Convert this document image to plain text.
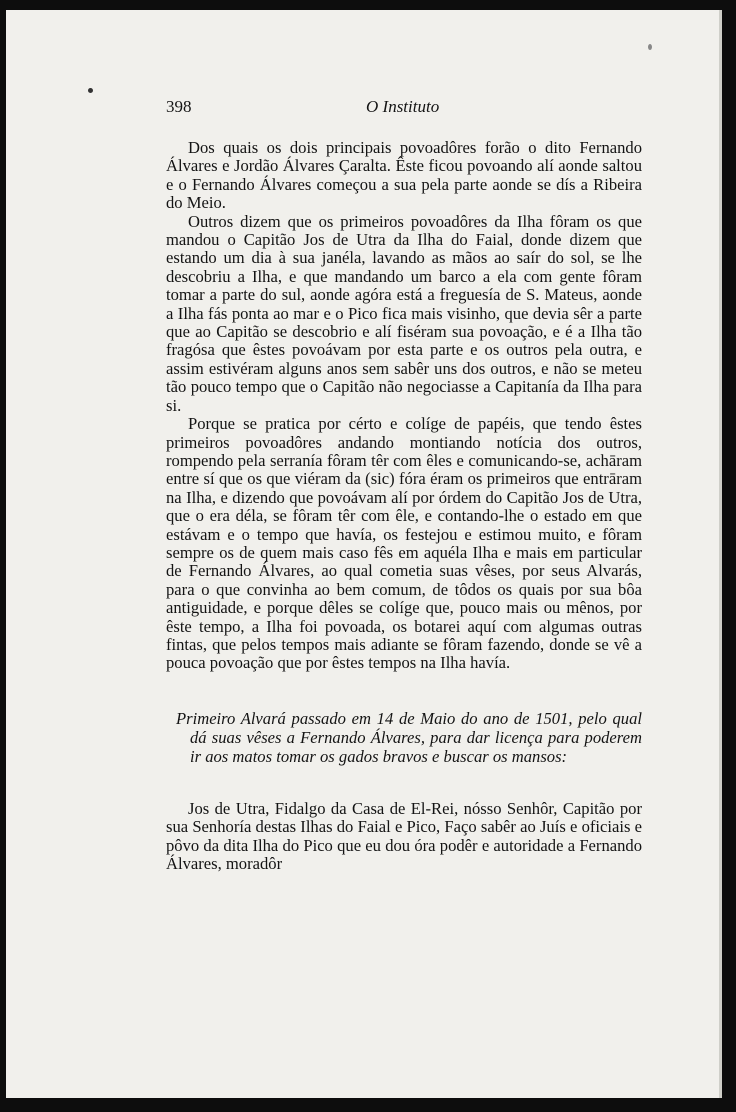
398	O Instituto

Dos quais os dois principais povoadôres forão o dito Fernando Álvares e Jordão Álvares Çaralta. Êste ficou povoando alí aonde saltou e o Fernando Álvares começou a sua pela parte aonde se dís a Ribeira do Meio.

Outros dizem que os primeiros povoadôres da Ilha fôram os que mandou o Capitão Jos de Utra da Ilha do Faial, donde dizem que estando um dia à sua janéla, lavando as mãos ao saír do sol, se lhe descobriu a Ilha, e que mandando um barco a ela com gente fôram tomar a parte do sul, aonde agóra está a freguesía de S. Mateus, aonde a Ilha fás ponta ao mar e o Pico fica mais visinho, que devia sêr a parte que ao Capitão se descobrio e alí fiséram sua povoação, e é a Ilha tão fragósa que êstes povoávam por esta parte e os outros pela outra, e assim estivéram alguns anos sem sabêr uns dos outros, e não se meteu tão pouco tempo que o Capitão não negociasse a Capitanía da Ilha para si.

Porque se pratica por cérto e colíge de papéis, que tendo êstes primeiros povoadôres andando montiando notícia dos outros, rompendo pela serranía fôram têr com êles e comunicando-se, achāram entre sí que os que viéram da (sic) fóra éram os primeiros que entrāram na Ilha, e dizendo que povoávam alí por órdem do Capitão Jos de Utra, que o era déla, se fôram têr com êle, e contando-lhe o estado em que estávam e o tempo que havía, os festejou e estimou muito, e fôram sempre os de quem mais caso fês em aquéla Ilha e mais em particular de Fernando Álvares, ao qual cometia suas vêses, por seus Alvarás, para o que convinha ao bem comum, de tôdos os quais por sua bôa antiguidade, e porque dêles se colíge que, pouco mais ou mênos, por êste tempo, a Ilha foi povoada, os botarei aquí com algumas outras fintas, que pelos tempos mais adiante se fôram fazendo, donde se vê a pouca povoação que por êstes tempos na Ilha havía.

Primeiro Alvará passado em 14 de Maio do ano de 1501, pelo qual dá suas vêses a Fernando Álvares, para dar licença para poderem ir aos matos tomar os gados bravos e buscar os mansos:

Jos de Utra, Fidalgo da Casa de El-Rei, nósso Senhôr, Capitão por sua Senhoría destas Ilhas do Faial e Pico, Faço sabêr ao Juís e oficiais e pôvo da dita Ilha do Pico que eu dou óra podêr e autoridade a Fernando Álvares, moradôr
